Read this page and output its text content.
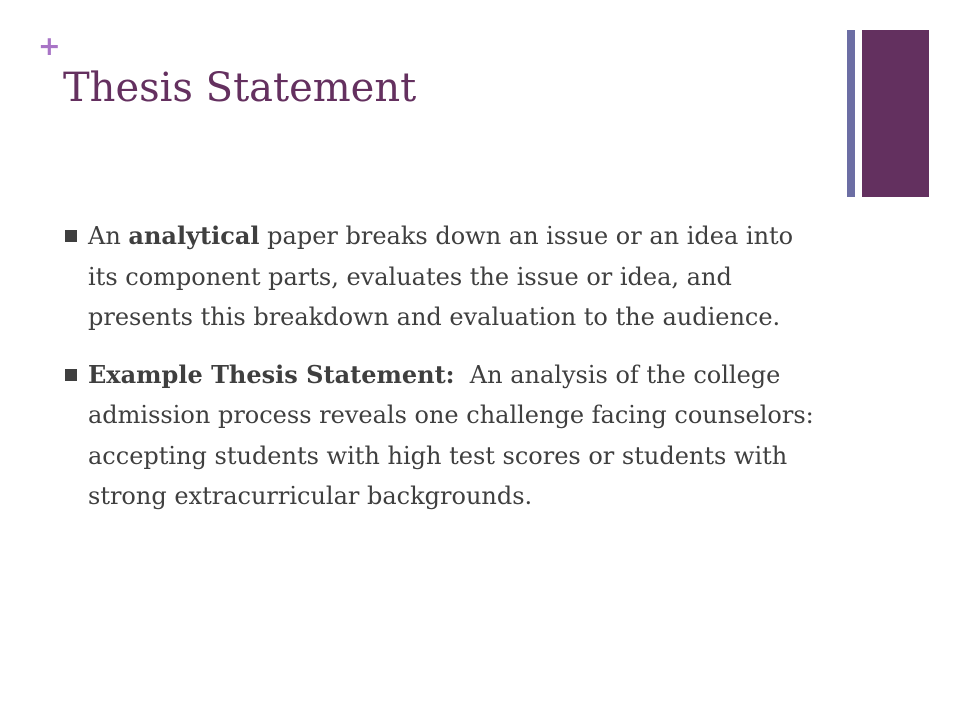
+
Thesis Statement
An analytical paper breaks down an issue or an idea into its component parts, evaluates the issue or idea, and presents this breakdown and evaluation to the audience.
Example Thesis Statement:  An analysis of the college admission process reveals one challenge facing counselors: accepting students with high test scores or students with strong extracurricular backgrounds.
